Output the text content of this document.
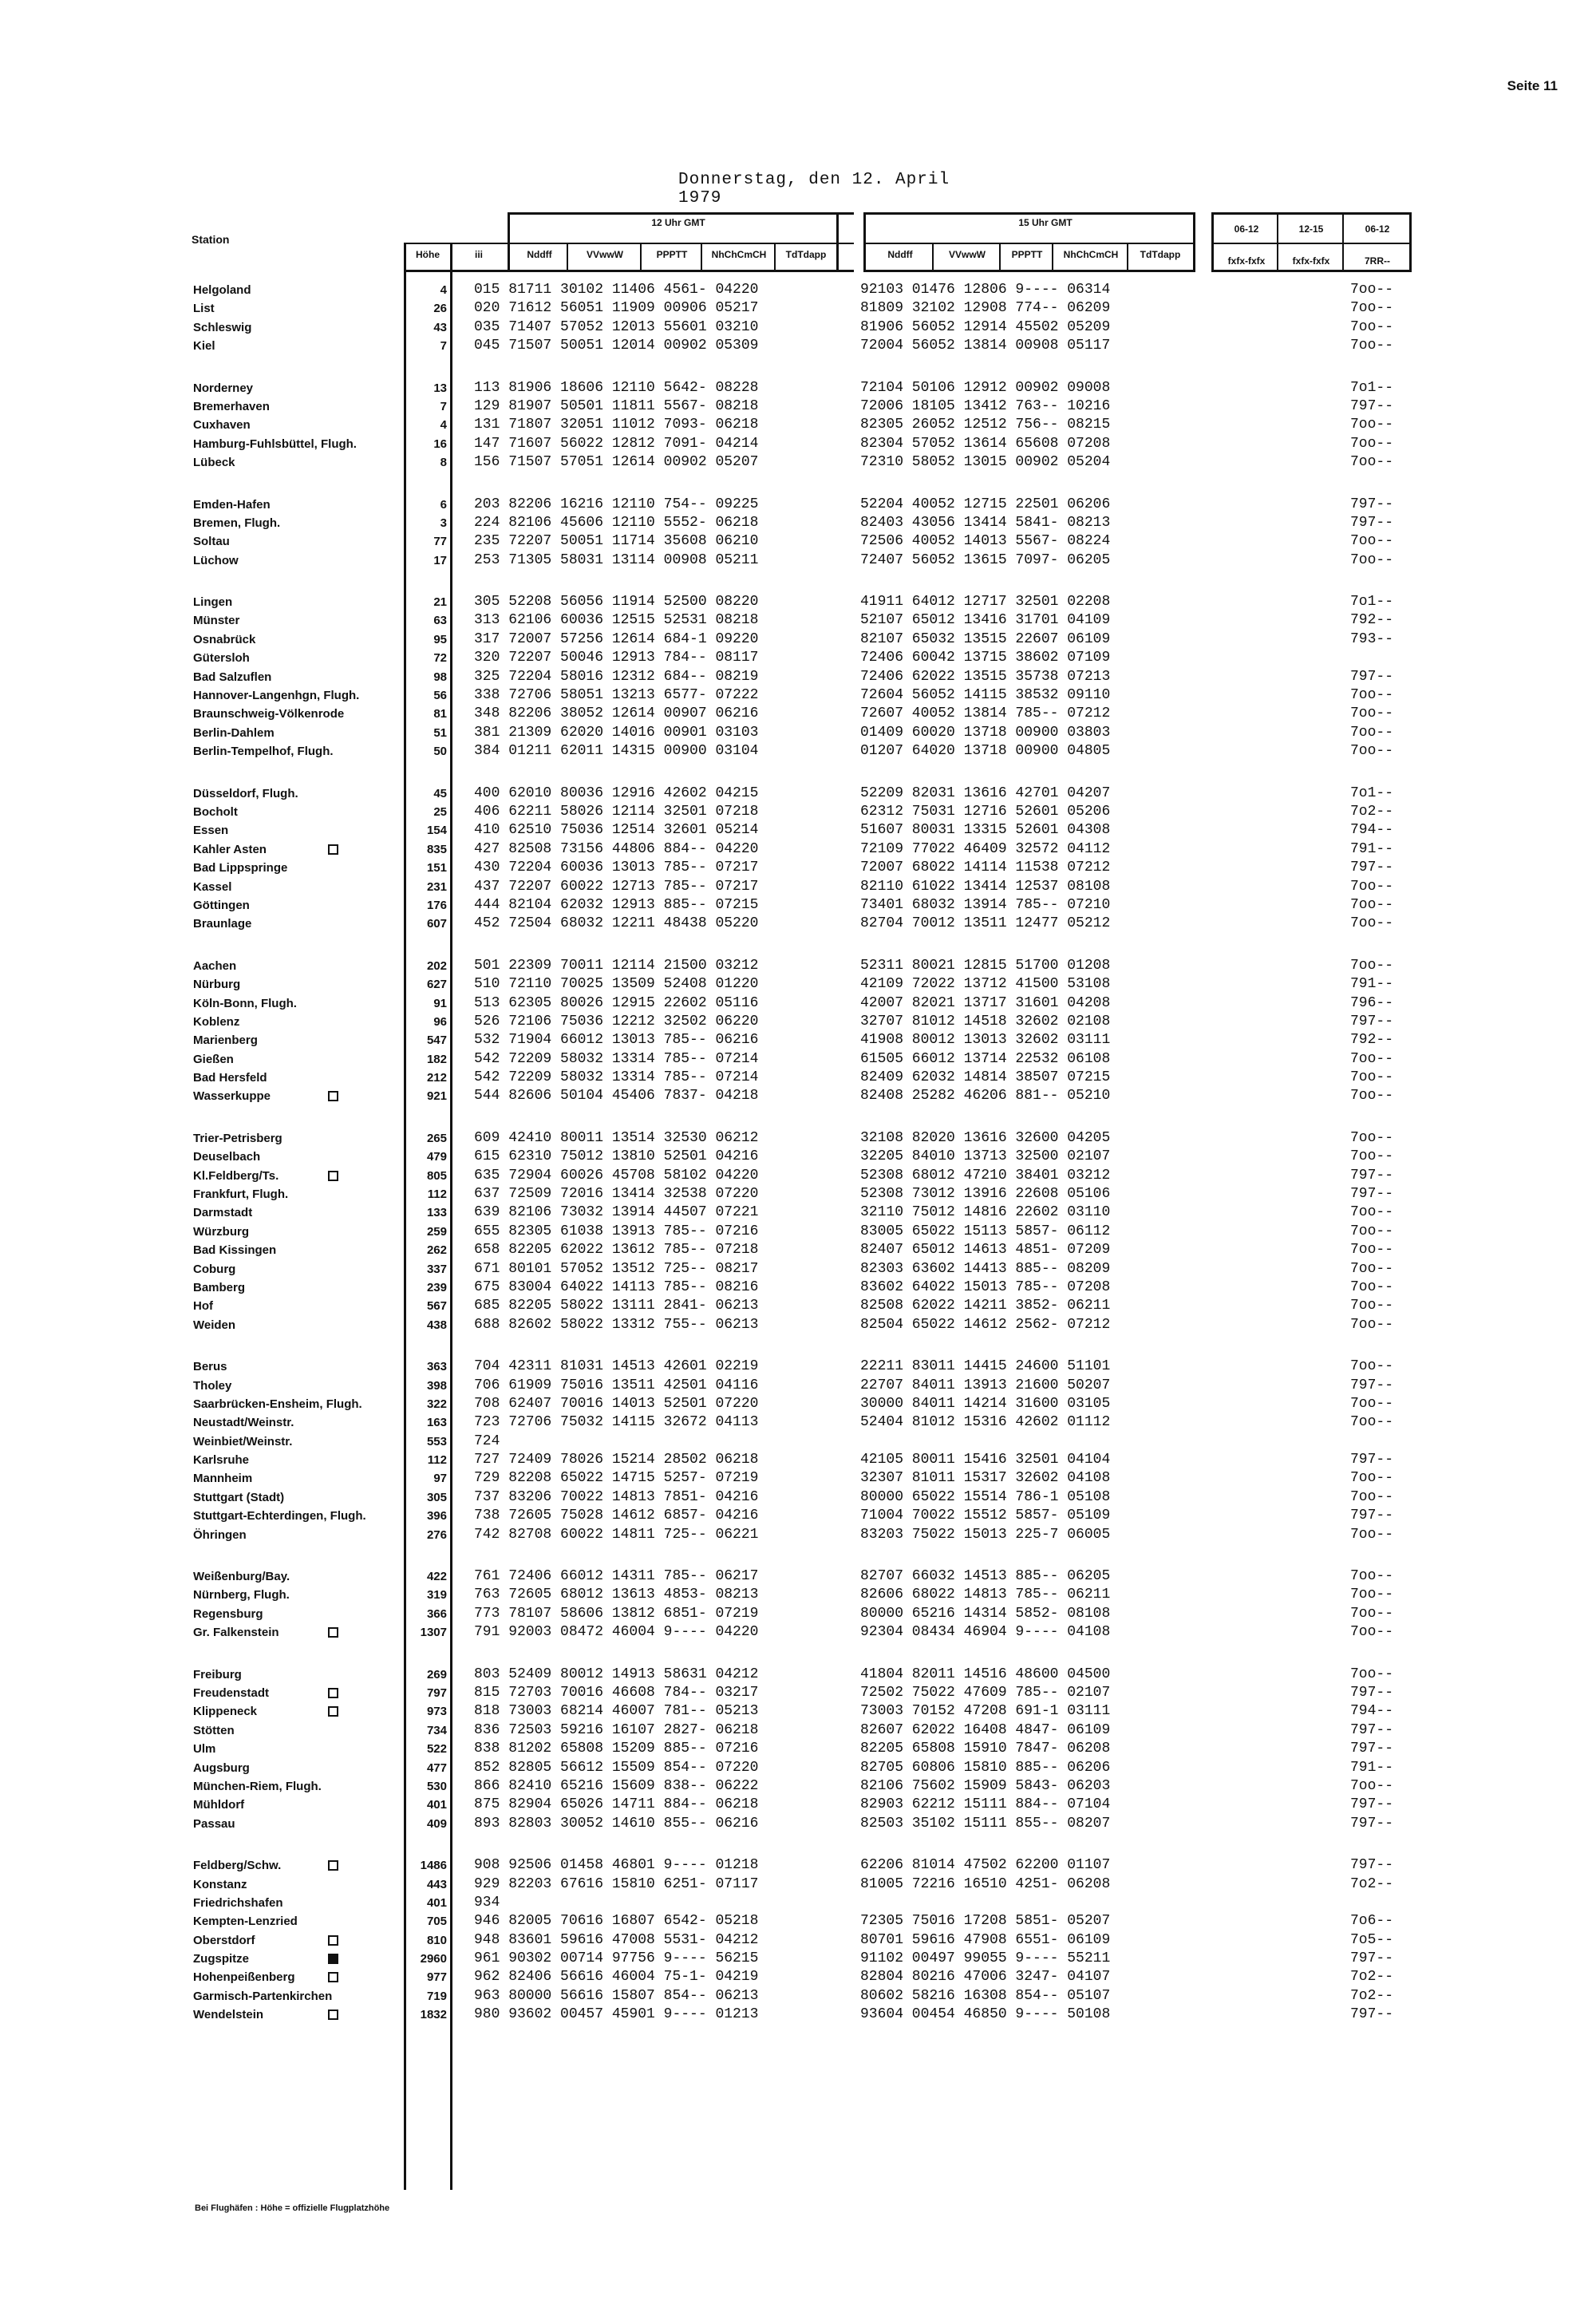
Seite 11
Donnerstag, den 12. April 1979
Station
Höhe	iii
12 Uhr GMT	15 Uhr GMT
Nddff	VVwwW	PPPTT	NhChCmCH	TdTdapp	Nddff	VVwwW	PPPTT	NhChCmCH	TdTdapp
06-12	12-15	06-12
fxfx-fxfx	fxfx-fxfx	7RR--
Helgoland	4 015 81711 30102 11406 4561- 04220	92103 01476 12806 9---- 06314	7oo--
List	26 020 71612 56051 11909 00906 05217	81809 32102 12908 774-- 06209	7oo--
Schleswig	43 035 71407 57052 12013 55601 03210	81906 56052 12914 45502 05209	7oo--
Kiel	7 045 71507 50051 12014 00902 05309	72004 56052 13814 00908 05117	7oo--
Norderney	13 113 81906 18606 12110 5642- 08228	72104 50106 12912 00902 09008	7o1--
Bremerhaven	7 129 81907 50501 11811 5567- 08218	72006 18105 13412 763-- 10216	797--
Cuxhaven	4 131 71807 32051 11012 7093- 06218	82305 26052 12512 756-- 08215	7oo--
Hamburg-Fuhlsbüttel, Flugh.	16 147 71607 56022 12812 7091- 04214	82304 57052 13614 65608 07208	7oo--
Lübeck	8 156 71507 57051 12614 00902 05207	72310 58052 13015 00902 05204	7oo--
Emden-Hafen	6 203 82206 16216 12110 754-- 09225	52204 40052 12715 22501 06206	797--
Bremen, Flugh.	3 224 82106 45606 12110 5552- 06218	82403 43056 13414 5841- 08213	797--
Soltau	77 235 72207 50051 11714 35608 06210	72506 40052 14013 5567- 08224	7oo--
Lüchow	17 253 71305 58031 13114 00908 05211	72407 56052 13615 7097- 06205	7oo--
Lingen	21 305 52208 56056 11914 52500 08220	41911 64012 12717 32501 02208	7o1--
Münster	63 313 62106 60036 12515 52531 08218	52107 65012 13416 31701 04109	792--
Osnabrück	95 317 72007 57256 12614 684-1 09220	82107 65032 13515 22607 06109	793--
Gütersloh	72 320 72207 50046 12913 784-- 08117	72406 60042 13715 38602 07109
Bad Salzuflen	98 325 72204 58016 12312 684-- 08219	72406 62022 13515 35738 07213	797--
Hannover-Langenhgn, Flugh.	56 338 72706 58051 13213 6577- 07222	72604 56052 14115 38532 09110	7oo--
Braunschweig-Völkenrode	81 348 82206 38052 12614 00907 06216	72607 40052 13814 785-- 07212	7oo--
Berlin-Dahlem	51 381 21309 62020 14016 00901 03103	01409 60020 13718 00900 03803	7oo--
Berlin-Tempelhof, Flugh.	50 384 01211 62011 14315 00900 03104	01207 64020 13718 00900 04805	7oo--
Düsseldorf, Flugh.	45 400 62010 80036 12916 42602 04215	52209 82031 13616 42701 04207	7o1--
Bocholt	25 406 62211 58026 12114 32501 07218	62312 75031 12716 52601 05206	7o2--
Essen	154 410 62510 75036 12514 32601 05214	51607 80031 13315 52601 04308	794--
Kahler Asten	835 427 82508 73156 44806 884-- 04220	72109 77022 46409 32572 04112	791--
Bad Lippspringe	151 430 72204 60036 13013 785-- 07217	72007 68022 14114 11538 07212	797--
Kassel	231 437 72207 60022 12713 785-- 07217	82110 61022 13414 12537 08108	7oo--
Göttingen	176 444 82104 62032 12913 885-- 07215	73401 68032 13914 785-- 07210	7oo--
Braunlage	607 452 72504 68032 12211 48438 05220	82704 70012 13511 12477 05212	7oo--
Aachen	202 501 22309 70011 12114 21500 03212	52311 80021 12815 51700 01208	7oo--
Nürburg	627 510 72110 70025 13509 52408 01220	42109 72022 13712 41500 53108	791--
Köln-Bonn, Flugh.	91 513 62305 80026 12915 22602 05116	42007 82021 13717 31601 04208	796--
Koblenz	96 526 72106 75036 12212 32502 06220	32707 81012 14518 32602 02108	797--
Marienberg	547 532 71904 66012 13013 785-- 06216	41908 80012 13013 32602 03111	792--
Gießen	182 542 72209 58032 13314 785-- 07214	61505 66012 13714 22532 06108	7oo--
Bad Hersfeld	212 542 72209 58032 13314 785-- 07214	82409 62032 14814 38507 07215	7oo--
Wasserkuppe	921 544 82606 50104 45406 7837- 04218	82408 25282 46206 881-- 05210	7oo--
Trier-Petrisberg	265 609 42410 80011 13514 32530 06212	32108 82020 13616 32600 04205	7oo--
Deuselbach	479 615 62310 75012 13810 52501 04216	32205 84010 13713 32500 02107	7oo--
Kl.Feldberg/Ts.	805 635 72904 60026 45708 58102 04220	52308 68012 47210 38401 03212	797--
Frankfurt, Flugh.	112 637 72509 72016 13414 32538 07220	52308 73012 13916 22608 05106	797--
Darmstadt	133 639 82106 73032 13914 44507 07221	32110 75012 14816 22602 03110	7oo--
Würzburg	259 655 82305 61038 13913 785-- 07216	83005 65022 15113 5857- 06112	7oo--
Bad Kissingen	262 658 82205 62022 13612 785-- 07218	82407 65012 14613 4851- 07209	7oo--
Coburg	337 671 80101 57052 13512 725-- 08217	82303 63602 14413 885-- 08209	7oo--
Bamberg	239 675 83004 64022 14113 785-- 08216	83602 64022 15013 785-- 07208	7oo--
Hof	567 685 82205 58022 13111 2841- 06213	82508 62022 14211 3852- 06211	7oo--
Weiden	438 688 82602 58022 13312 755-- 06213	82504 65022 14612 2562- 07212	7oo--
Berus	363 704 42311 81031 14513 42601 02219	22211 83011 14415 24600 51101	7oo--
Tholey	398 706 61909 75016 13511 42501 04116	22707 84011 13913 21600 50207	797--
Saarbrücken-Ensheim, Flugh.	322 708 62407 70016 14013 52501 07220	30000 84011 14214 31600 03105	7oo--
Neustadt/Weinstr.	163 723 72706 75032 14115 32672 04113	52404 81012 15316 42602 01112	7oo--
Weinbiet/Weinstr.	553 724
Karlsruhe	112 727 72409 78026 15214 28502 06218	42105 80011 15416 32501 04104	797--
Mannheim	97 729 82208 65022 14715 5257- 07219	32307 81011 15317 32602 04108	7oo--
Stuttgart (Stadt)	305 737 83206 70022 14813 7851- 04216	80000 65022 15514 786-1 05108	7oo--
Stuttgart-Echterdingen, Flugh.	396 738 72605 75028 14612 6857- 04216	71004 70022 15512 5857- 05109	797--
Öhringen	276 742 82708 60022 14811 725-- 06221	83203 75022 15013 225-7 06005	7oo--
Weißenburg/Bay.	422 761 72406 66012 14311 785-- 06217	82707 66032 14513 885-- 06205	7oo--
Nürnberg, Flugh.	319 763 72605 68012 13613 4853- 08213	82606 68022 14813 785-- 06211	7oo--
Regensburg	366 773 78107 58606 13812 6851- 07219	80000 65216 14314 5852- 08108	7oo--
Gr. Falkenstein	1307 791 92003 08472 46004 9---- 04220	92304 08434 46904 9---- 04108	7oo--
Freiburg	269 803 52409 80012 14913 58631 04212	41804 82011 14516 48600 04500	7oo--
Freudenstadt	797 815 72703 70016 46608 784-- 03217	72502 75022 47609 785-- 02107	797--
Klippeneck	973 818 73003 68214 46007 781-- 05213	73003 70152 47208 691-1 03111	794--
Stötten	734 836 72503 59216 16107 2827- 06218	82607 62022 16408 4847- 06109	797--
Ulm	522 838 81202 65808 15209 885-- 07216	82205 65808 15910 7847- 06208	797--
Augsburg	477 852 82805 56612 15509 854-- 07220	82705 60806 15810 885-- 06206	791--
München-Riem, Flugh.	530 866 82410 65216 15609 838-- 06222	82106 75602 15909 5843- 06203	7oo--
Mühldorf	401 875 82904 65026 14711 884-- 06218	82903 62212 15111 884-- 07104	797--
Passau	409 893 82803 30052 14610 855-- 06216	82503 35102 15111 855-- 08207	797--
Feldberg/Schw.	1486 908 92506 01458 46801 9---- 01218	62206 81014 47502 62200 01107	797--
Konstanz	443 929 82203 67616 15810 6251- 07117	81005 72216 16510 4251- 06208	7o2--
Friedrichshafen	401 934
Kempten-Lenzried	705 946 82005 70616 16807 6542- 05218	72305 75016 17208 5851- 05207	7o6--
Oberstdorf	810 948 83601 59616 47008 5531- 04212	80701 59616 47908 6551- 06109	7o5--
Zugspitze	2960 961 90302 00714 97756 9---- 56215	91102 00497 99055 9---- 55211	797--
Hohenpeißenberg	977 962 82406 56616 46004 75-1- 04219	82804 80216 47006 3247- 04107	7o2--
Garmisch-Partenkirchen	719 963 80000 56616 15807 854-- 06213	80602 58216 16308 854-- 05107	7o2--
Wendelstein	1832 980 93602 00457 45901 9---- 01213	93604 00454 46850 9---- 50108	797--
Bei Flughäfen : Höhe = offizielle Flugplatzhöhe
